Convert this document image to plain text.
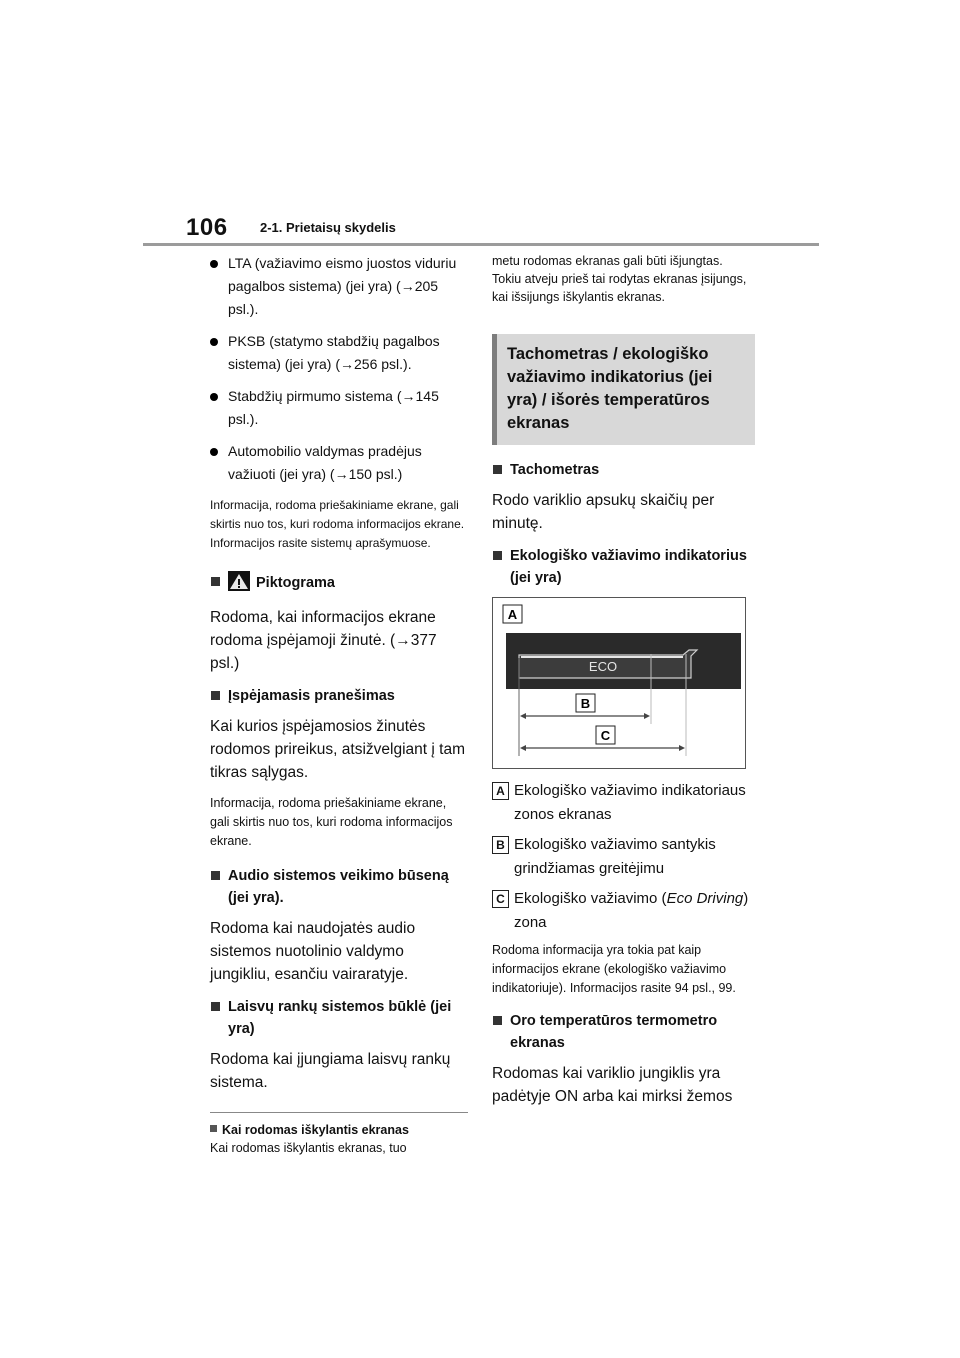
106 2-1. Prietaisų skydelis
LTA (važiavimo eismo juostos viduriu pagalbos sistema) (jei yra) (→205 psl.).
PKSB (statymo stabdžių pagalbos sistema) (jei yra) (→256 psl.).
Stabdžių pirmumo sistema (→145 psl.).
Automobilio valdymas pradėjus važiuoti (jei yra) (→150 psl.)

Informacija, rodoma priešakiniame ekrane, gali skirtis nuo tos, kuri rodoma informacijos ekrane. Informacijos rasite sistemų aprašymuose.

Piktograma

Rodoma, kai informacijos ekrane rodoma įspėjamoji žinutė. (→377 psl.)

Įspėjamasis pranešimas

Kai kurios įspėjamosios žinutės rodomos prireikus, atsižvelgiant į tam tikras sąlygas.

Informacija, rodoma priešakiniame ekrane, gali skirtis nuo tos, kuri rodoma informacijos ekrane.

Audio sistemos veikimo būseną (jei yra).

Rodoma kai naudojatės audio sistemos nuotolinio valdymo jungikliu, esančiu vairaratyje.

Laisvų rankų sistemos būklė (jei yra)

Rodoma kai įjungiama laisvų rankų sistema.

Kai rodomas iškylantis ekranas
Kai rodomas iškylantis ekranas, tuo

metu rodomas ekranas gali būti išjungtas. Tokiu atveju prieš tai rodytas ekranas įsijungs, kai išsijungs iškylantis ekranas.

Tachometras / ekologiško
važiavimo indikatorius (jei
yra) / išorės temperatūros
ekranas
Tachometras

Rodo variklio apsukų skaičių per minutę.

Ekologiško važiavimo indikatorius (jei yra)
A
ECO
B
C
A Ekologiško važiavimo indikatoriaus zonos ekranas
B Ekologiško važiavimo santykis grindžiamas greitėjimu
C Ekologiško važiavimo (Eco Driving) zona

Rodoma informacija yra tokia pat kaip informacijos ekrane (ekologiško važiavimo indikatoriuje). Informacijos rasite 94 psl., 99.

Oro temperatūros termometro ekranas

Rodomas kai variklio jungiklis yra padėtyje ON arba kai mirksi žemos
